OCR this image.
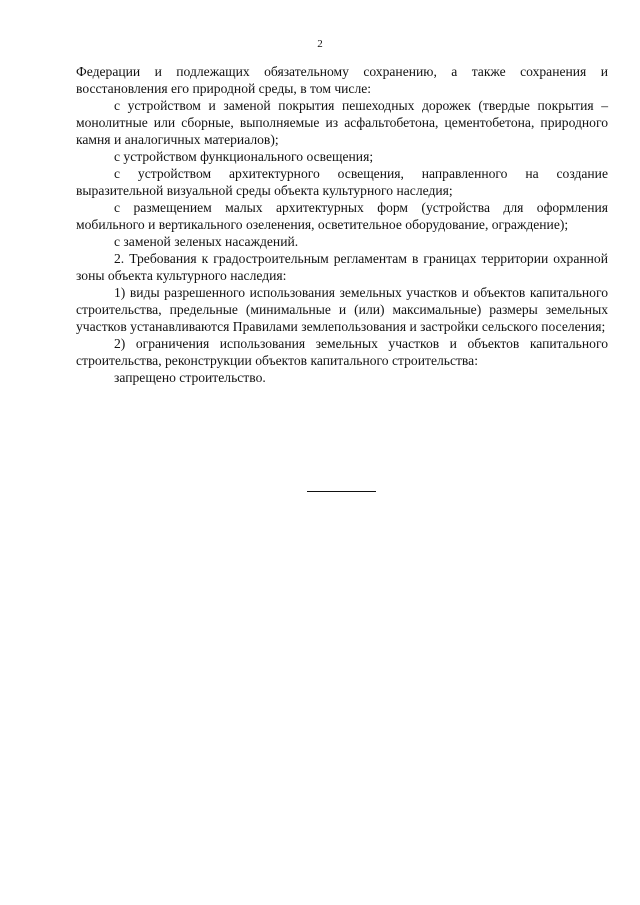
2

Федерации и подлежащих обязательному сохранению, а также сохранения и восстановления его природной среды, в том числе:

с устройством и заменой покрытия пешеходных дорожек (твердые покрытия – монолитные или сборные, выполняемые из асфальтобетона, цементобетона, природного камня и аналогичных материалов);

с устройством функционального освещения;

с устройством архитектурного освещения, направленного на создание выразительной визуальной среды объекта культурного наследия;

с размещением малых архитектурных форм (устройства для оформления мобильного и вертикального озеленения, осветительное оборудование, ограждение);

с заменой зеленых насаждений.

2. Требования к градостроительным регламентам в границах территории охранной зоны объекта культурного наследия:

1) виды разрешенного использования земельных участков и объектов капитального строительства, предельные (минимальные и (или) максимальные) размеры земельных участков устанавливаются Правилами землепользования и застройки сельского поселения;

2) ограничения использования земельных участков и объектов капитального строительства, реконструкции объектов капитального строительства:

запрещено строительство.
